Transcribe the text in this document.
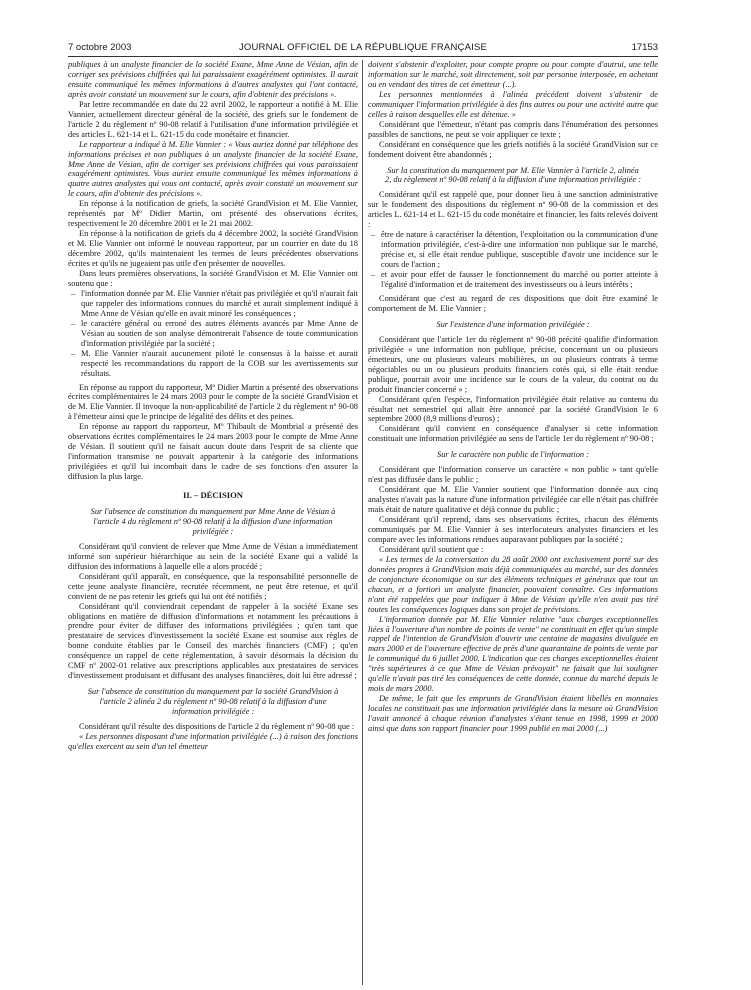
7 octobre 2003	JOURNAL OFFICIEL DE LA RÉPUBLIQUE FRANÇAISE	17153

publiques à un analyste financier de la société Exane, Mme Anne de Vésian, afin de corriger ses prévisions chiffrées qui lui paraissaient exagérément optimistes. Il aurait ensuite communiqué les mêmes informations à d'autres analystes qui l'ont contacté, après avoir constaté un mouvement sur le cours, afin d'obtenir des précisions ».

Par lettre recommandée en date du 22 avril 2002, le rapporteur a notifié à M. Elie Vannier, actuellement directeur général de la société, des griefs sur le fondement de l'article 2 du règlement nº 90-08 relatif à l'utilisation d'une information privilégiée et des articles L. 621-14 et L. 621-15 du code monétaire et financier.

Le rapporteur a indiqué à M. Elie Vannier : « Vous auriez donné par téléphone des informations précises et non publiques à un analyste financier de la société Exane, Mme Anne de Vésian, afin de corriger ses prévisions chiffrées qui vous paraissaient exagérément optimistes. Vous auriez ensuite communiqué les mêmes informations à quatre autres analystes qui vous ont contacté, après avoir constaté un mouvement sur le cours, afin d'obtenir des précisions ».

En réponse à la notification de griefs, la société GrandVision et M. Elie Vannier, représentés par Mº Didier Martin, ont présenté des observations écrites, respectivement le 20 décembre 2001 et le 21 mai 2002.

En réponse à la notification de griefs du 4 décembre 2002, la société GrandVision et M. Elie Vannier ont informé le nouveau rapporteur, par un courrier en date du 18 décembre 2002, qu'ils maintenaient les termes de leurs précédentes observations écrites et qu'ils ne jugeaient pas utile d'en présenter de nouvelles.

Dans leurs premières observations, la société GrandVision et M. Elie Vannier ont soutenu que :

– l'information donnée par M. Elie Vannier n'était pas privilégiée et qu'il n'aurait fait que rappeler des informations connues du marché et aurait simplement indiqué à Mme Anne de Vésian qu'elle en avait minoré les conséquences ;
– le caractère général ou erroné des autres éléments avancés par Mme Anne de Vésian au soutien de son analyse démontrerait l'absence de toute communication d'information privilégiée par la société ;
– M. Elie Vannier n'aurait aucunement piloté le consensus à la baisse et aurait respecté les recommandations du rapport de la COB sur les avertissements sur résultats.

En réponse au rapport du rapporteur, Mº Didier Martin a présenté des observations écrites complémentaires le 24 mars 2003 pour le compte de la société GrandVision et de M. Elie Vannier. Il invoque la non-applicabilité de l'article 2 du règlement nº 90-08 à l'émetteur ainsi que le principe de légalité des délits et des peines.

En réponse au rapport du rapporteur, Mº Thibault de Montbrial a présenté des observations écrites complémentaires le 24 mars 2003 pour le compte de Mme Anne de Vésian. Il soutient qu'il ne faisait aucun doute dans l'esprit de sa cliente que l'information transmise ne pouvait appartenir à la catégorie des informations privilégiées et qu'il lui incombait dans le cadre de ses fonctions d'en assurer la diffusion la plus large.

II. – DÉCISION
Sur l'absence de constitution du manquement par Mme Anne de Vésian à l'article 4 du règlement nº 90-08 relatif à la diffusion d'une information privilégiée :

Considérant qu'il convient de relever que Mme Anne de Vésian a immédiatement informé son supérieur hiérarchique au sein de la société Exane qui a validé la diffusion des informations à laquelle elle a alors procédé ;

Considérant qu'il apparaît, en conséquence, que la responsabilité personnelle de cette jeune analyste financière, recrutée récemment, ne peut être retenue, et qu'il convient de ne pas retenir les griefs qui lui ont été notifiés ;

Considérant qu'il conviendrait cependant de rappeler à la société Exane ses obligations en matière de diffusion d'informations et notamment les précautions à prendre pour éviter de diffuser des informations privilégiées ; qu'en tant que prestataire de services d'investissement la société Exane est soumise aux règles de bonne conduite établies par le Conseil des marchés financiers (CMF) ; qu'en conséquence un rappel de cette réglementation, à savoir désormais la décision du CMF nº 2002-01 relative aux prescriptions applicables aux prestataires de services d'investissement produisant et diffusant des analyses financières, doit lui être adressé ;

Sur l'absence de constitution du manquement par la société GrandVision à l'article 2 alinéa 2 du règlement nº 90-08 relatif à la diffusion d'une information privilégiée :

Considérant qu'il résulte des dispositions de l'article 2 du règlement nº 90-08 que :

« Les personnes disposant d'une information privilégiée (...) à raison des fonctions qu'elles exercent au sein d'un tel émetteur

doivent s'abstenir d'exploiter, pour compte propre ou pour compte d'autrui, une telle information sur le marché, soit directement, soit par personne interposée, en achetant ou en vendant des titres de cet émetteur (...).

Les personnes mentionnées à l'alinéa précédent doivent s'abstenir de communiquer l'information privilégiée à des fins autres ou pour une activité autre que celles à raison desquelles elle est détenue. »

Considérant que l'émetteur, n'étant pas compris dans l'énumération des personnes passibles de sanctions, ne peut se voir appliquer ce texte ;

Considérant en conséquence que les griefs notifiés à la société GrandVision sur ce fondement doivent être abandonnés ;

Sur la constitution du manquement par M. Elie Vannier à l'article 2, alinéa 2, du règlement nº 90-08 relatif à la diffusion d'une information privilégiée :

Considérant qu'il est rappelé que, pour donner lieu à une sanction administrative sur le fondement des dispositions du règlement nº 90-08 de la commission et des articles L. 621-14 et L. 621-15 du code monétaire et financier, les faits relevés doivent :

– être de nature à caractériser la détention, l'exploitation ou la communication d'une information privilégiée, c'est-à-dire une information non publique sur le marché, précise et, si elle était rendue publique, susceptible d'avoir une incidence sur le cours de l'action ;
– et avoir pour effet de fausser le fonctionnement du marché ou porter atteinte à l'égalité d'information et de traitement des investisseurs ou à leurs intérêts ;

Considérant que c'est au regard de ces dispositions que doit être examiné le comportement de M. Elie Vannier ;

Sur l'existence d'une information privilégiée :

Considérant que l'article 1er du règlement nº 90-08 précité qualifie d'information privilégiée « une information non publique, précise, concernant un ou plusieurs émetteurs, une ou plusieurs valeurs mobilières, un ou plusieurs contrats à terme négociables ou un ou plusieurs produits financiers cotés qui, si elle était rendue publique, pourrait avoir une incidence sur le cours de la valeur, du contrat ou du produit financier concerné » ;

Considérant qu'en l'espèce, l'information privilégiée était relative au contenu du résultat net semestriel qui allait être annoncé par la société GrandVision le 6 septembre 2000 (8,9 millions d'euros) ;

Considérant qu'il convient en conséquence d'analyser si cette information constituait une information privilégiée au sens de l'article 1er du règlement nº 90-08 ;

Sur le caractère non public de l'information :

Considérant que l'information conserve un caractère « non public » tant qu'elle n'est pas diffusée dans le public ;

Considérant que M. Elie Vannier soutient que l'information donnée aux cinq analystes n'avait pas la nature d'une information privilégiée car elle n'était pas chiffrée mais était de nature qualitative et déjà connue du public ;

Considérant qu'il reprend, dans ses observations écrites, chacun des éléments communiqués par M. Elie Vannier à ses interlocuteurs analystes financiers et les compare avec les informations rendues auparavant publiques par la société ;

Considérant qu'il soutient que :

« Les termes de la conversation du 28 août 2000 ont exclusivement porté sur des données propres à GrandVision mais déjà communiquées au marché, sur des données de conjoncture économique ou sur des éléments techniques et généraux que tout un chacun, et a fortiori un analyste financier, pouvaient connaître. Ces informations n'ont été rappelées que pour indiquer à Mme de Vésian qu'elle n'en avait pas tiré toutes les conséquences logiques dans son projet de prévisions.

L'information donnée par M. Elie Vannier relative "aux charges exceptionnelles liées à l'ouverture d'un nombre de points de vente" ne constituait en effet qu'un simple rappel de l'intention de GrandVision d'ouvrir une centaine de magasins divulguée en mars 2000 et de l'ouverture effective de près d'une quarantaine de points de vente par le communiqué du 6 juillet 2000. L'indication que ces charges exceptionnelles étaient "très supérieures à ce que Mme de Vésian prévoyait" ne faisait que lui souligner qu'elle n'avait pas tiré les conséquences de cette donnée, connue du marché depuis le mois de mars 2000.

De même, le fait que les emprunts de GrandVision étaient libellés en monnaies locales ne constituait pas une information privilégiée dans la mesure où GrandVision l'avait annoncé à chaque réunion d'analystes s'étant tenue en 1998, 1999 et 2000 ainsi que dans son rapport financier pour 1999 publié en mai 2000 (...)
